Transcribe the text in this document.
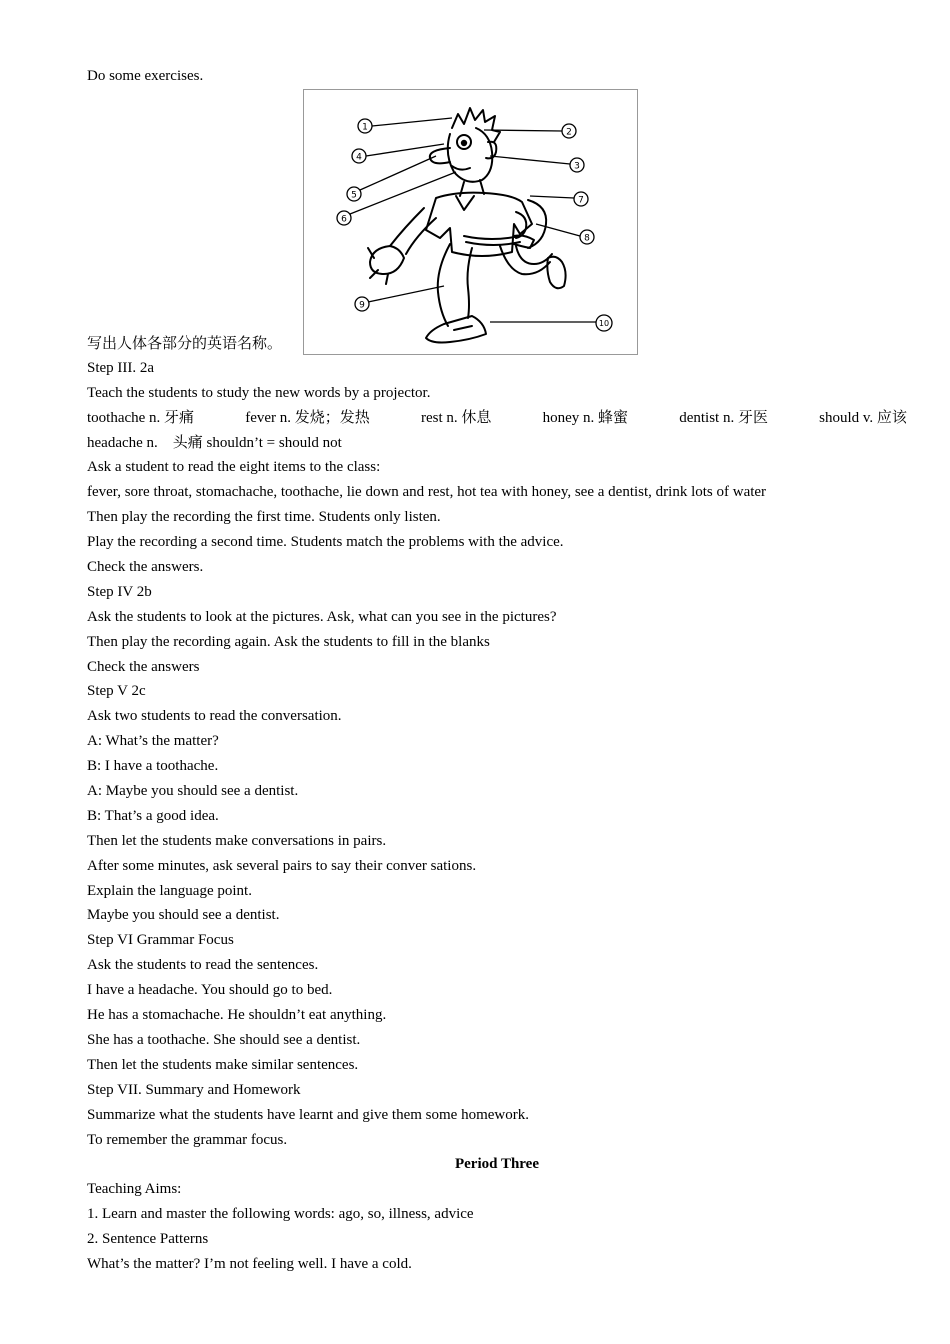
Do some exercises.
写出人体各部分的英语名称。
1	2
3
4
5
6
7
8
9
10
Step III. 2a
Teach the students to study the new words by a projector.
toothache n. 牙痛	fever n. 发烧；发热	rest n. 休息	honey n. 蜂蜜	dentist n. 牙医	should v. 应该
headache n.　头痛 shouldn’t = should not
Ask a student to read the eight items to the class:
fever, sore throat, stomachache, toothache, lie down and rest, hot tea with honey, see a dentist, drink lots of water
Then play the recording the first time. Students only listen.
Play the recording a second time. Students match the problems with the advice.
Check the answers.
Step IV 2b
Ask the students to look at the pictures. Ask, what can you see in the pictures?
Then play the recording again. Ask the students to fill in the blanks
Check the answers
Step V 2c
Ask two students to read the conversation.
A: What’s the matter?
B: I have a toothache.
A: Maybe you should see a dentist.
B: That’s a good idea.
Then let the students make conversations in pairs.
After some minutes, ask several pairs to say their conver sations.
Explain the language point.
Maybe you should see a dentist.
Step VI Grammar Focus
Ask the students to read the sentences.
I have a headache. You should go to bed.
He has a stomachache. He shouldn’t eat anything.
She has a toothache. She should see a dentist.
Then let the students make similar sentences.
Step VII. Summary and Homework
Summarize what the students have learnt and give them some homework.
To remember the grammar focus.
Period Three
Teaching Aims:
1. Learn and master the following words: ago, so, illness, advice
2. Sentence Patterns
What’s the matter? I’m not feeling well. I have a cold.
